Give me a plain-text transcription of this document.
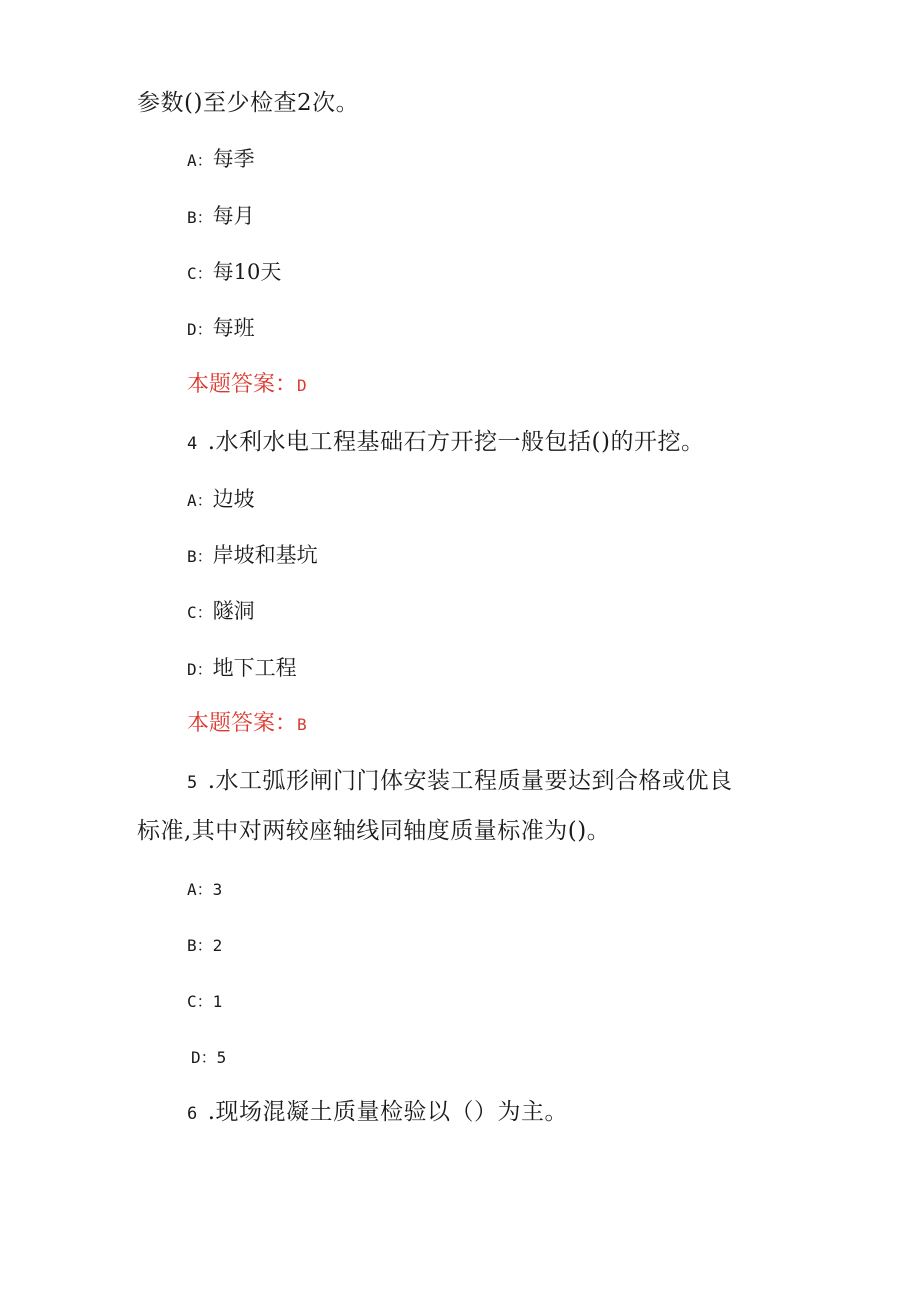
参数()至少检查2次。
A：每季
B：每月
C：每10天
D：每班
本题答案：D
4 .水利水电工程基础石方开挖一般包括()的开挖。
A：边坡
B：岸坡和基坑
C：隧洞
D：地下工程
本题答案：B
5 .水工弧形闸门门体安装工程质量要达到合格或优良
标准,其中对两较座轴线同轴度质量标准为()。
A：3
B：2
C：1
D：5
6 .现场混凝土质量检验以（）为主。
